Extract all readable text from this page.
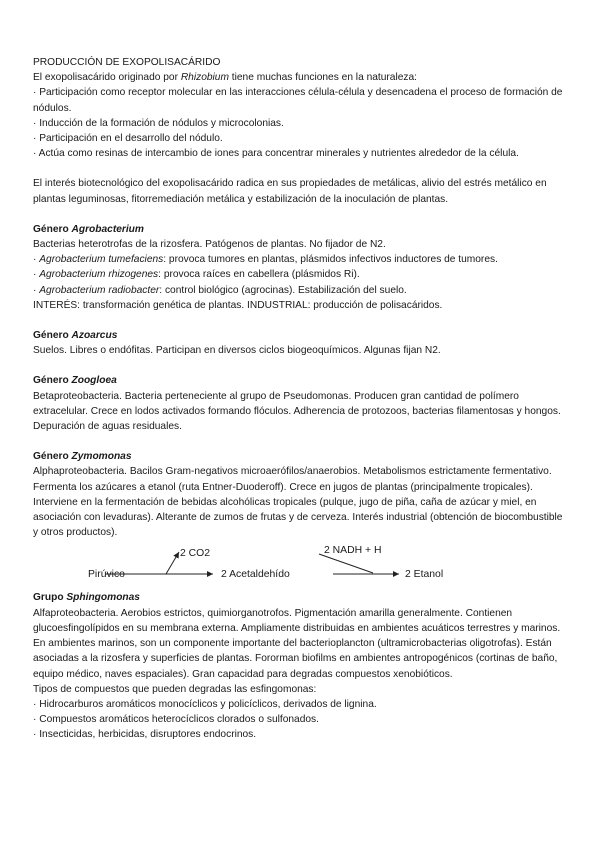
PRODUCCIÓN DE EXOPOLISACÁRIDO

El exopolisacárido originado por Rhizobium tiene muchas funciones en la naturaleza:

· Participación como receptor molecular en las interacciones célula-célula y desencadena el proceso de formación de nódulos.

· Inducción de la formación de nódulos y microcolonias.

· Participación en el desarrollo del nódulo.

· Actúa como resinas de intercambio de iones para concentrar minerales y nutrientes alrededor de la célula.

El interés biotecnológico del exopolisacárido radica en sus propiedades de metálicas, alivio del estrés metálico en plantas leguminosas, fitorremediación metálica y estabilización de la inoculación de plantas.

Género Agrobacterium

Bacterias heterotrofas de la rizosfera. Patógenos de plantas. No fijador de N2.

· Agrobacterium tumefaciens: provoca tumores en plantas, plásmidos infectivos inductores de tumores.

· Agrobacterium rhizogenes: provoca raíces en cabellera (plásmidos Ri).

· Agrobacterium radiobacter: control biológico (agrocinas). Estabilización del suelo.

INTERÉS: transformación genética de plantas. INDUSTRIAL: producción de polisacáridos.

Género Azoarcus

Suelos. Libres o endófitas. Participan en diversos ciclos biogeoquímicos. Algunas fijan N2.

Género Zoogloea

Betaproteobacteria. Bacteria perteneciente al grupo de Pseudomonas. Producen gran cantidad de polímero extracelular. Crece en lodos activados formando flóculos. Adherencia de protozoos, bacterias filamentosas y hongos. Depuración de aguas residuales.

Género Zymomonas

Alphaproteobacteria. Bacilos Gram-negativos microaerófilos/anaerobios. Metabolismos estrictamente fermentativo. Fermenta los azúcares a etanol (ruta Entner-Duoderoff). Crece en jugos de plantas (principalmente tropicales). Interviene en la fermentación de bebidas alcohólicas tropicales (pulque, jugo de piña, caña de azúcar y miel, en asociación con levaduras). Alterante de zumos de frutas y de cerveza. Interés industrial (obtención de biocombustible y otros productos).

Pirúvico
2 CO2
2 Acetaldehído
2 NADH + H
2 Etanol
Grupo Sphingomonas

Alfaproteobacteria. Aerobios estrictos, quimiorganotrofos. Pigmentación amarilla generalmente. Contienen glucoesfingolípidos en su membrana externa. Ampliamente distribuidas en ambientes acuáticos terrestres y marinos. En ambientes marinos, son un componente importante del bacterioplancton (ultramicrobacterias oligotrofas). Están asociadas a la rizosfera y superficies de plantas. Fororman biofilms en ambientes antropogénicos (cortinas de baño, equipo médico, naves espaciales). Gran capacidad para degradas compuestos xenobióticos.

Tipos de compuestos que pueden degradas las esfingomonas:

· Hidrocarburos aromáticos monocíclicos y policíclicos, derivados de lignina.

· Compuestos aromáticos heterocíclicos clorados o sulfonados.

· Insecticidas, herbicidas, disruptores endocrinos.
